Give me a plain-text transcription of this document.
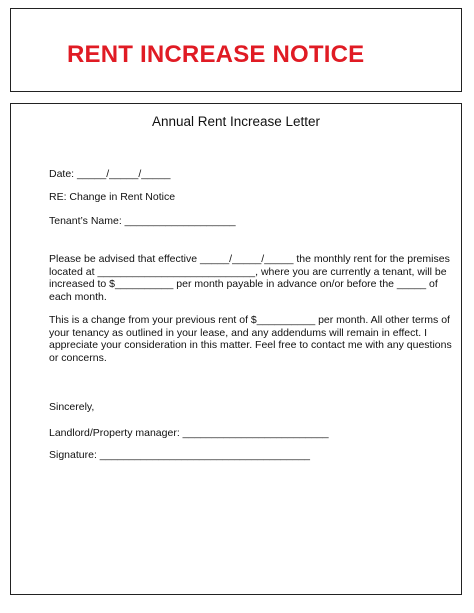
RENT INCREASE NOTICE
Annual Rent Increase Letter
Date: _____/_____/_____
RE: Change in Rent Notice
Tenant’s Name: ___________________
Please be advised that effective _____/_____/_____ the monthly rent for the premises
located at ___________________________, where you are currently a tenant, will be
increased to $__________ per month payable in advance on/or before the _____ of
each month.
This is a change from your previous rent of $__________ per month. All other terms of
your tenancy as outlined in your lease, and any addendums will remain in effect. I
appreciate your consideration in this matter. Feel free to contact me with any questions
or concerns.
Sincerely,
Landlord/Property manager: _________________________
Signature: ____________________________________
